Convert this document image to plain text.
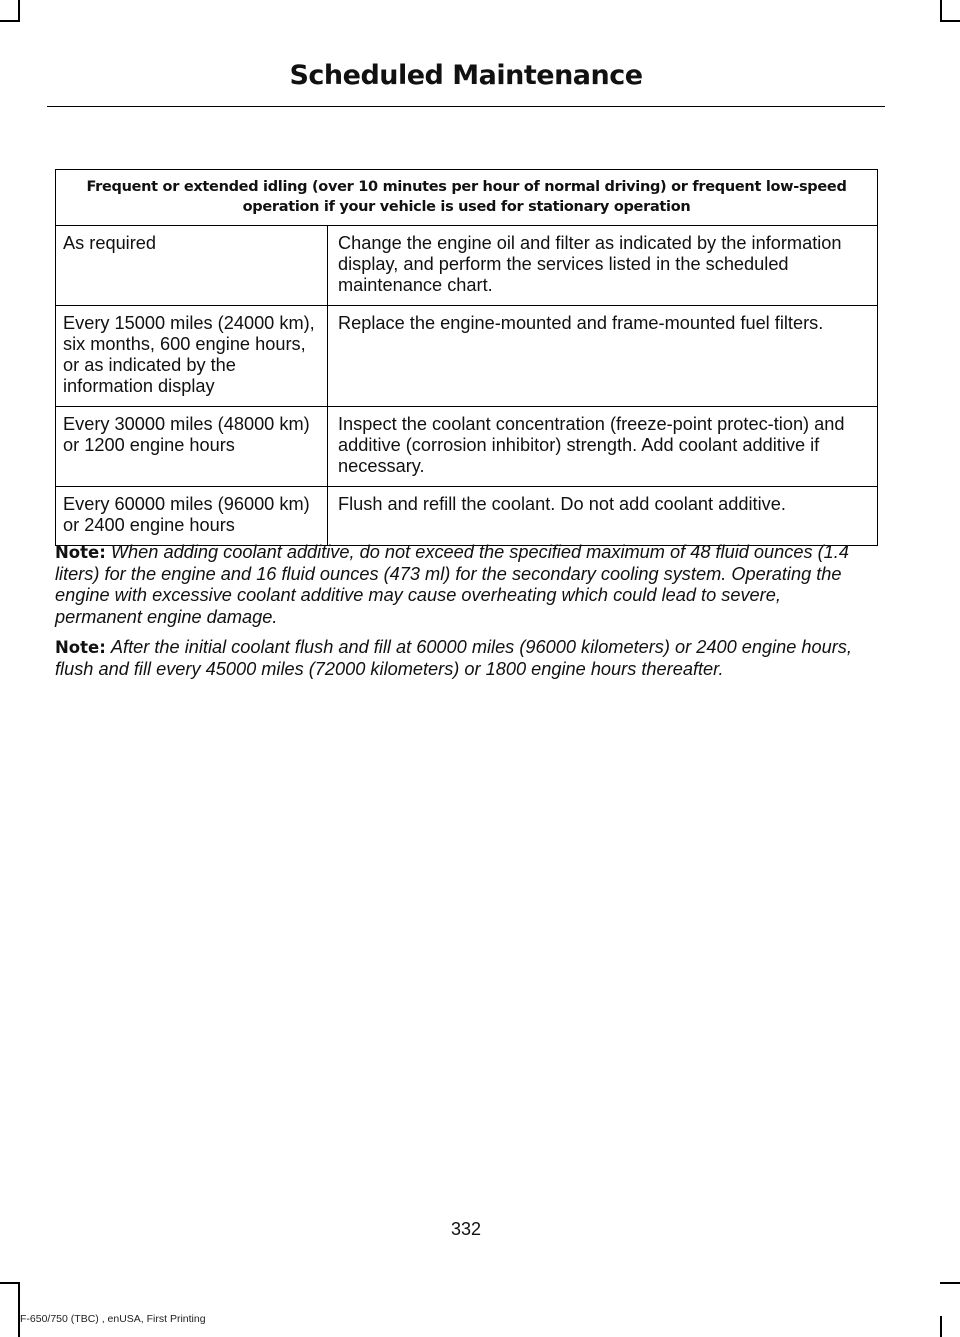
Scheduled Maintenance
Frequent or extended idling (over 10 minutes per hour of normal driving) or frequent low-speed operation if your vehicle is used for stationary operation	
As required	Change the engine oil and filter as indicated by the information display, and perform the services listed in the scheduled maintenance chart.
Every 15000 miles (24000 km), six months, 600 engine hours, or as indicated by the information display	Replace the engine-mounted and frame-mounted fuel filters.
Every 30000 miles (48000 km) or 1200 engine hours	Inspect the coolant concentration (freeze-point protec-tion) and additive (corrosion inhibitor) strength. Add coolant additive if necessary.
Every 60000 miles (96000 km) or 2400 engine hours	Flush and refill the coolant. Do not add coolant additive.

Note: When adding coolant additive, do not exceed the specified maximum of 48 fluid ounces (1.4 liters) for the engine and 16 fluid ounces (473 ml) for the secondary cooling system. Operating the engine with excessive coolant additive may cause overheating which could lead to severe, permanent engine damage.

Note: After the initial coolant flush and fill at 60000 miles (96000 kilometers) or 2400 engine hours, flush and fill every 45000 miles (72000 kilometers) or 1800 engine hours thereafter.

332
F-650/750 (TBC) , enUSA, First Printing
